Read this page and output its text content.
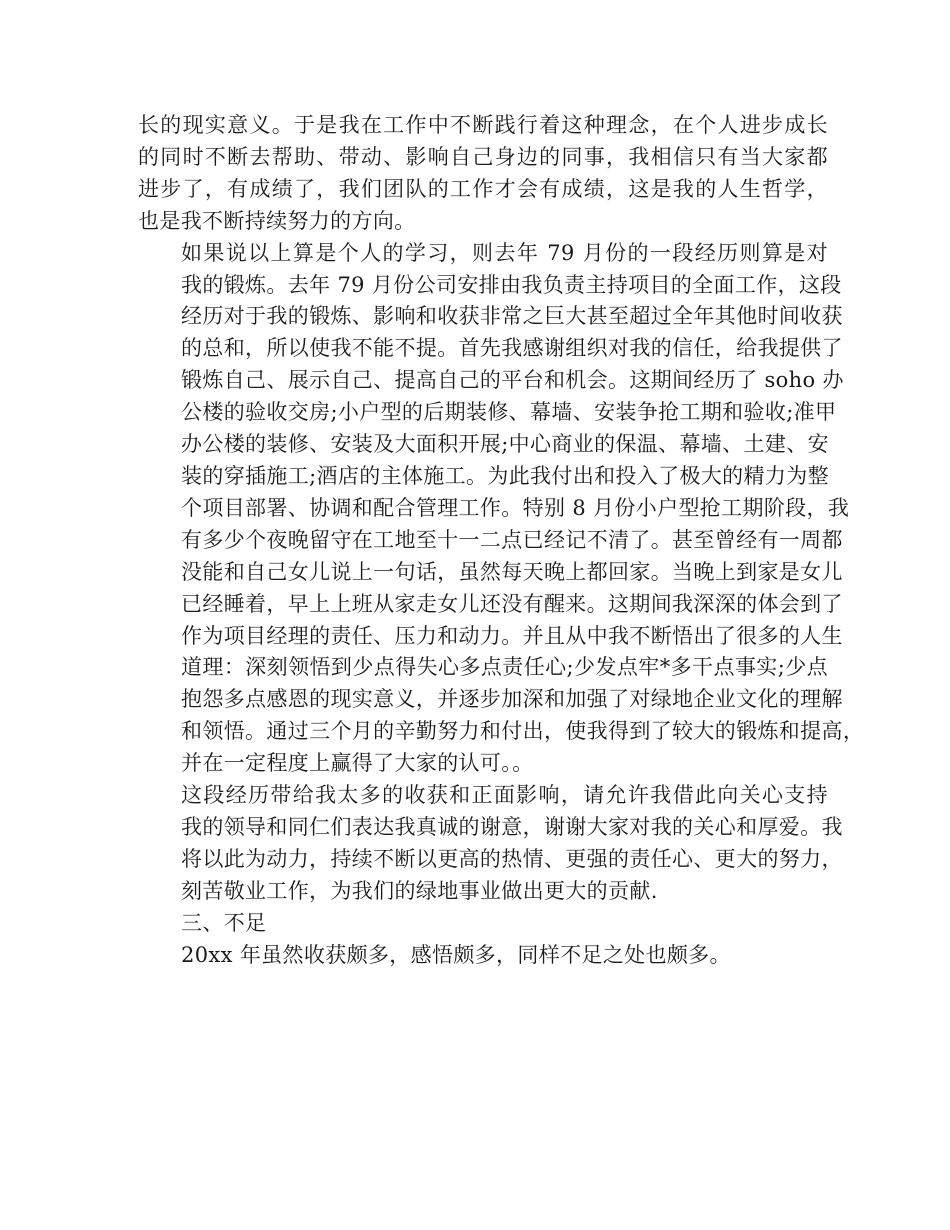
长的现实意义。于是我在工作中不断践行着这种理念，在个人进步成长
的同时不断去帮助、带动、影响自己身边的同事，我相信只有当大家都
进步了，有成绩了，我们团队的工作才会有成绩，这是我的人生哲学，
也是我不断持续努力的方向。

如果说以上算是个人的学习，则去年 79 月份的一段经历则算是对
我的锻炼。去年 79 月份公司安排由我负责主持项目的全面工作，这段
经历对于我的锻炼、影响和收获非常之巨大甚至超过全年其他时间收获
的总和，所以使我不能不提。首先我感谢组织对我的信任，给我提供了
锻炼自己、展示自己、提高自己的平台和机会。这期间经历了 soho 办
公楼的验收交房;小户型的后期装修、幕墙、安装争抢工期和验收;准甲
办公楼的装修、安装及大面积开展;中心商业的保温、幕墙、土建、安
装的穿插施工;酒店的主体施工。为此我付出和投入了极大的精力为整
个项目部署、协调和配合管理工作。特别 8 月份小户型抢工期阶段，我
有多少个夜晚留守在工地至十一二点已经记不清了。甚至曾经有一周都
没能和自己女儿说上一句话，虽然每天晚上都回家。当晚上到家是女儿
已经睡着，早上上班从家走女儿还没有醒来。这期间我深深的体会到了
作为项目经理的责任、压力和动力。并且从中我不断悟出了很多的人生
道理：深刻领悟到少点得失心多点责任心;少发点牢*多干点事实;少点
抱怨多点感恩的现实意义，并逐步加深和加强了对绿地企业文化的理解
和领悟。通过三个月的辛勤努力和付出，使我得到了较大的锻炼和提高，
并在一定程度上赢得了大家的认可。。

这段经历带给我太多的收获和正面影响，请允许我借此向关心支持
我的领导和同仁们表达我真诚的谢意，谢谢大家对我的关心和厚爱。我
将以此为动力，持续不断以更高的热情、更强的责任心、更大的努力，
刻苦敬业工作，为我们的绿地事业做出更大的贡献.

三、不足

20xx 年虽然收获颇多，感悟颇多，同样不足之处也颇多。
